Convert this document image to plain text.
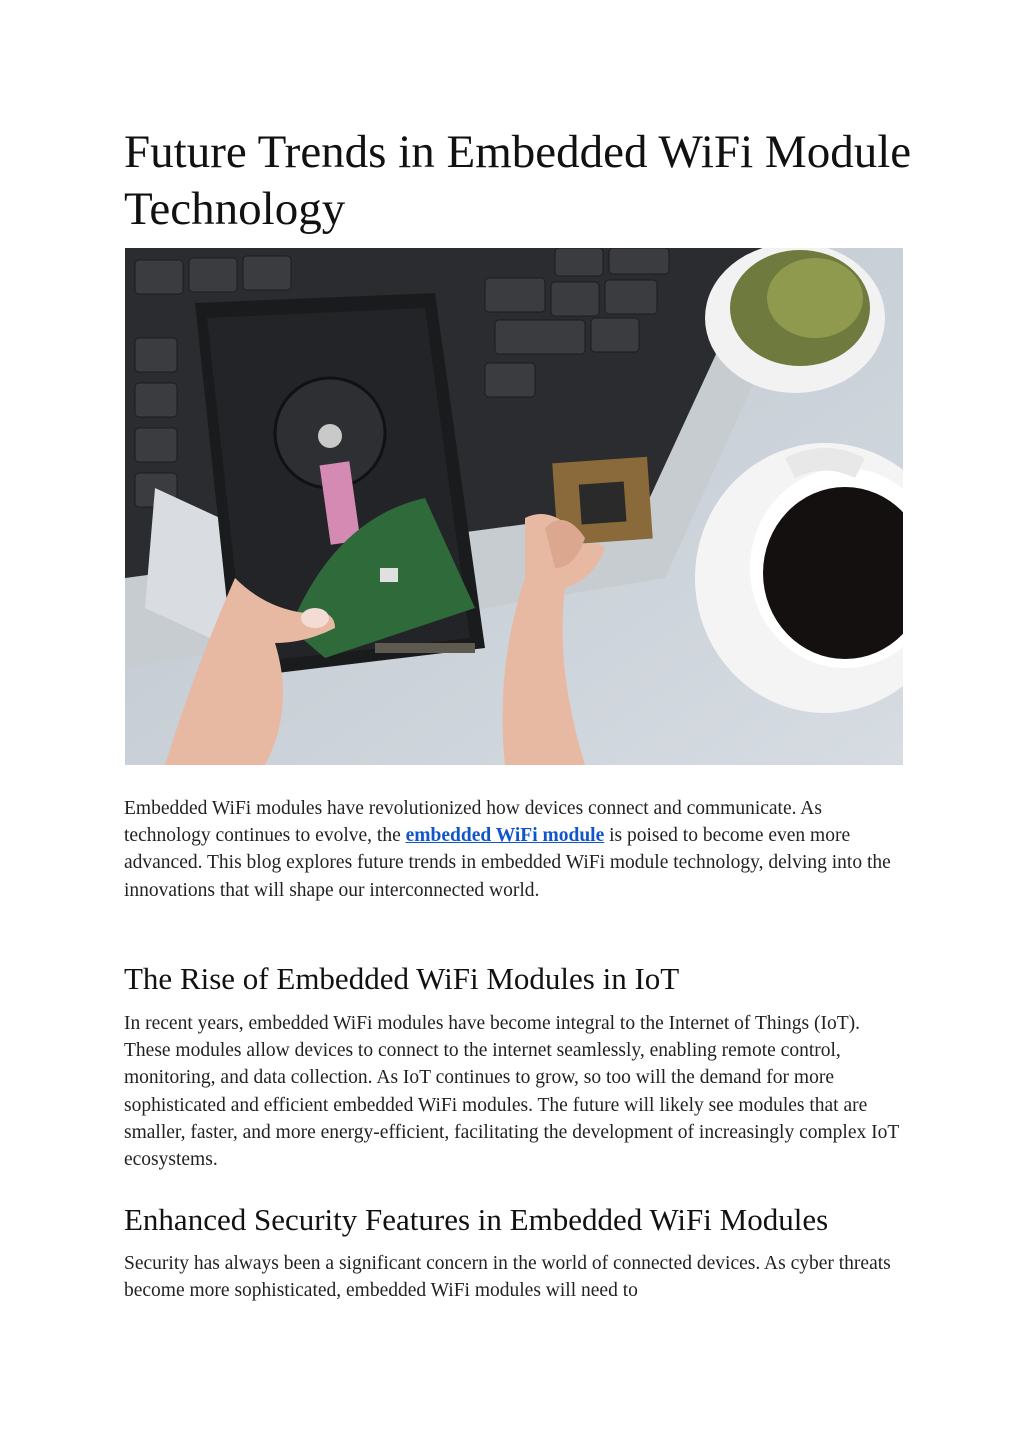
Future Trends in Embedded WiFi Module Technology

Embedded WiFi modules have revolutionized how devices connect and communicate. As technology continues to evolve, the embedded WiFi module is poised to become even more advanced. This blog explores future trends in embedded WiFi module technology, delving into the innovations that will shape our interconnected world.

The Rise of Embedded WiFi Modules in IoT

In recent years, embedded WiFi modules have become integral to the Internet of Things (IoT). These modules allow devices to connect to the internet seamlessly, enabling remote control, monitoring, and data collection. As IoT continues to grow, so too will the demand for more sophisticated and efficient embedded WiFi modules. The future will likely see modules that are smaller, faster, and more energy-efficient, facilitating the development of increasingly complex IoT ecosystems.

Enhanced Security Features in Embedded WiFi Modules

Security has always been a significant concern in the world of connected devices. As cyber threats become more sophisticated, embedded WiFi modules will need to
